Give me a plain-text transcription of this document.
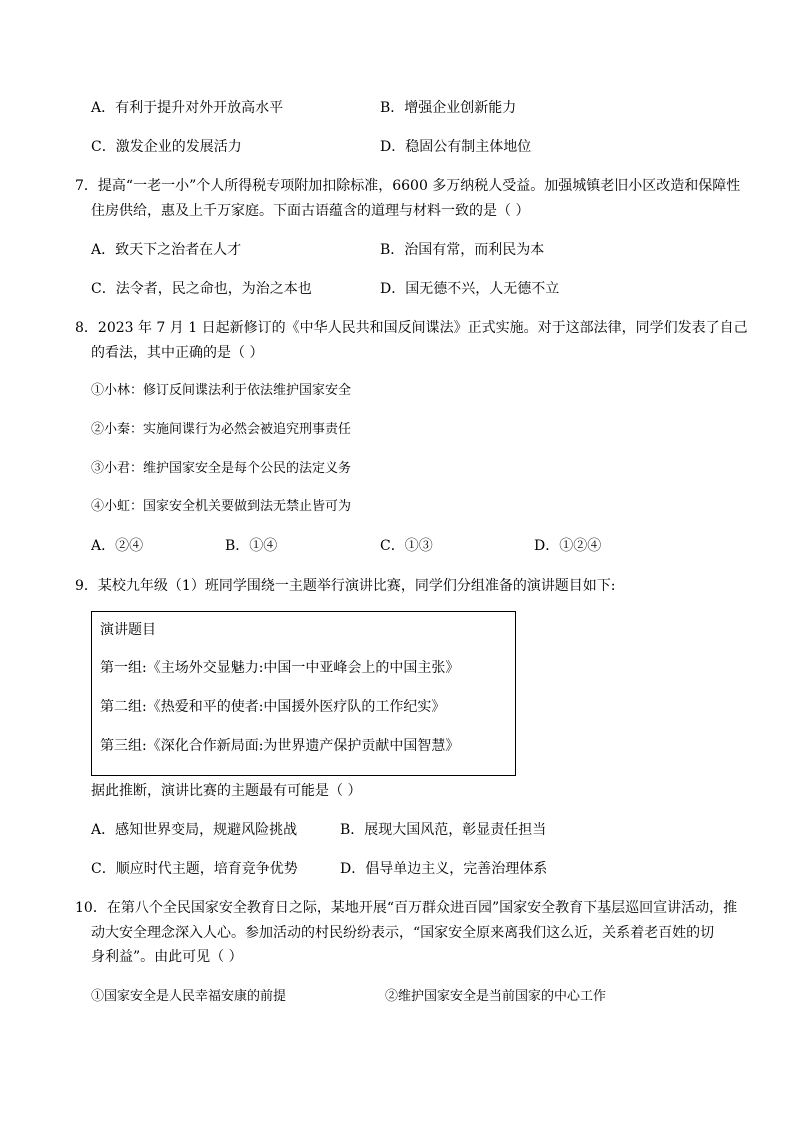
A．有利于提升对外开放高水平	B．增强企业创新能力
C．激发企业的发展活力	D．稳固公有制主体地位
7．提高“一老一小”个人所得税专项附加扣除标准，6600 多万纳税人受益。加强城镇老旧小区改造和保障性
住房供给，惠及上千万家庭。下面古语蕴含的道理与材料一致的是（ ）
A．致天下之治者在人才	B．治国有常，而利民为本
C．法令者，民之命也，为治之本也	D．国无德不兴，人无德不立
8．2023 年 7 月 1 日起新修订的《中华人民共和国反间谍法》正式实施。对于这部法律，同学们发表了自己
的看法，其中正确的是（ ）
①小林：修订反间谍法利于依法维护国家安全
②小秦：实施间谍行为必然会被追究刑事责任
③小君：维护国家安全是每个公民的法定义务
④小虹：国家安全机关要做到法无禁止皆可为
A．②④	B．①④	C．①③	D．①②④
9．某校九年级（1）班同学围绕一主题举行演讲比赛，同学们分组准备的演讲题目如下:
演讲题目
第一组:《主场外交显魅力:中国一中亚峰会上的中国主张》
第二组:《热爱和平的使者:中国援外医疗队的工作纪实》
第三组:《深化合作新局面:为世界遗产保护贡献中国智慧》
据此推断，演讲比赛的主题最有可能是（ ）
A．感知世界变局，规避风险挑战	B．展现大国风范，彰显责任担当
C．顺应时代主题，培育竞争优势	D．倡导单边主义，完善治理体系
10．在第八个全民国家安全教育日之际，某地开展“百万群众进百园”国家安全教育下基层巡回宣讲活动，推
动大安全理念深入人心。参加活动的村民纷纷表示，“国家安全原来离我们这么近，关系着老百姓的切
身利益”。由此可见（ ）
①国家安全是人民幸福安康的前提	②维护国家安全是当前国家的中心工作
